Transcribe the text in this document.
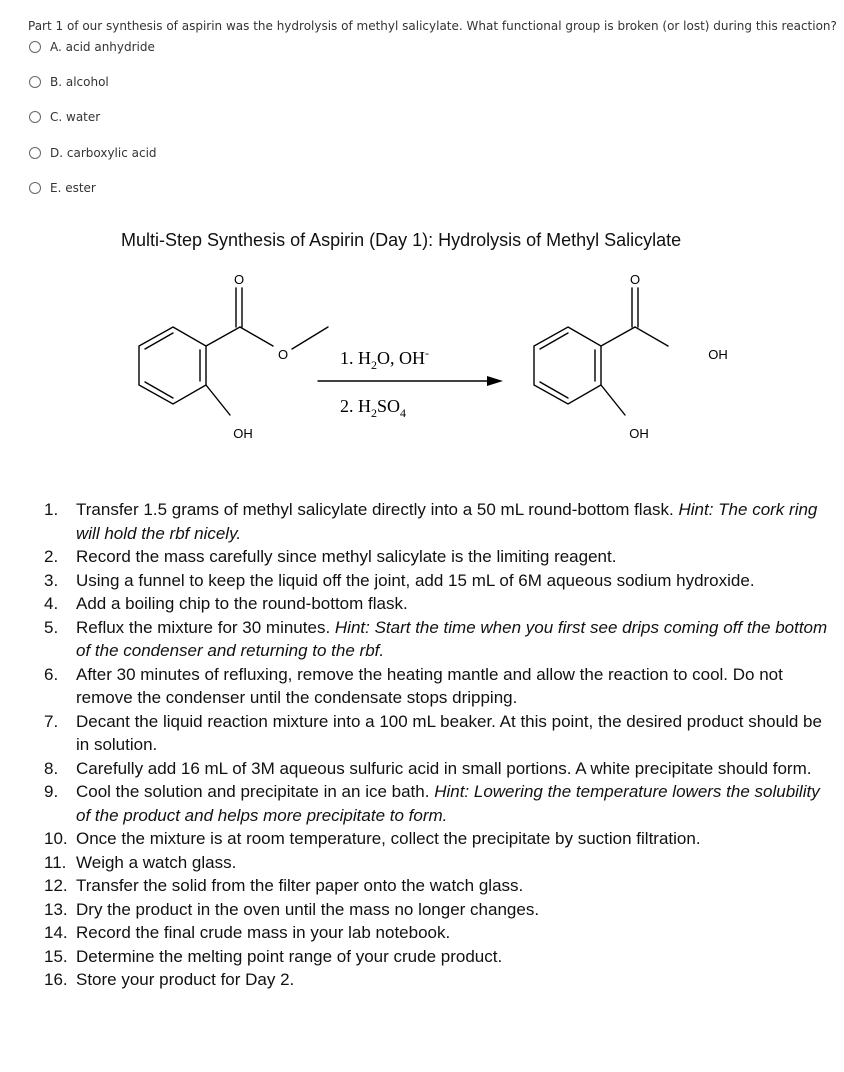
Part 1 of our synthesis of aspirin was the hydrolysis of methyl salicylate. What functional group is broken (or lost) during this reaction?
A. acid anhydride
B. alcohol
C. water
D. carboxylic acid
E. ester
Multi-Step Synthesis of Aspirin (Day 1): Hydrolysis of Methyl Salicylate
O
O
OH
O
OH
OH
1. $H_2O$, OH-
2. $H_2SO_4$
1.	Transfer 1.5 grams of methyl salicylate directly into a 50 mL round-bottom flask. Hint: The cork ring will hold the rbf nicely.
2.	Record the mass carefully since methyl salicylate is the limiting reagent.
3.	Using a funnel to keep the liquid off the joint, add 15 mL of 6M aqueous sodium hydroxide.
4.	Add a boiling chip to the round-bottom flask.
5.	Reflux the mixture for 30 minutes. Hint: Start the time when you first see drips coming off the bottom of the condenser and returning to the rbf.
6.	After 30 minutes of refluxing, remove the heating mantle and allow the reaction to cool. Do not remove the condenser until the condensate stops dripping.
7.	Decant the liquid reaction mixture into a 100 mL beaker. At this point, the desired product should be in solution.
8.	Carefully add 16 mL of 3M aqueous sulfuric acid in small portions. A white precipitate should form.
9.	Cool the solution and precipitate in an ice bath. Hint: Lowering the temperature lowers the solubility of the product and helps more precipitate to form.
10. Once the mixture is at room temperature, collect the precipitate by suction filtration.
11. Weigh a watch glass.
12. Transfer the solid from the filter paper onto the watch glass.
13. Dry the product in the oven until the mass no longer changes.
14. Record the final crude mass in your lab notebook.
15. Determine the melting point range of your crude product.
16. Store your product for Day 2.
